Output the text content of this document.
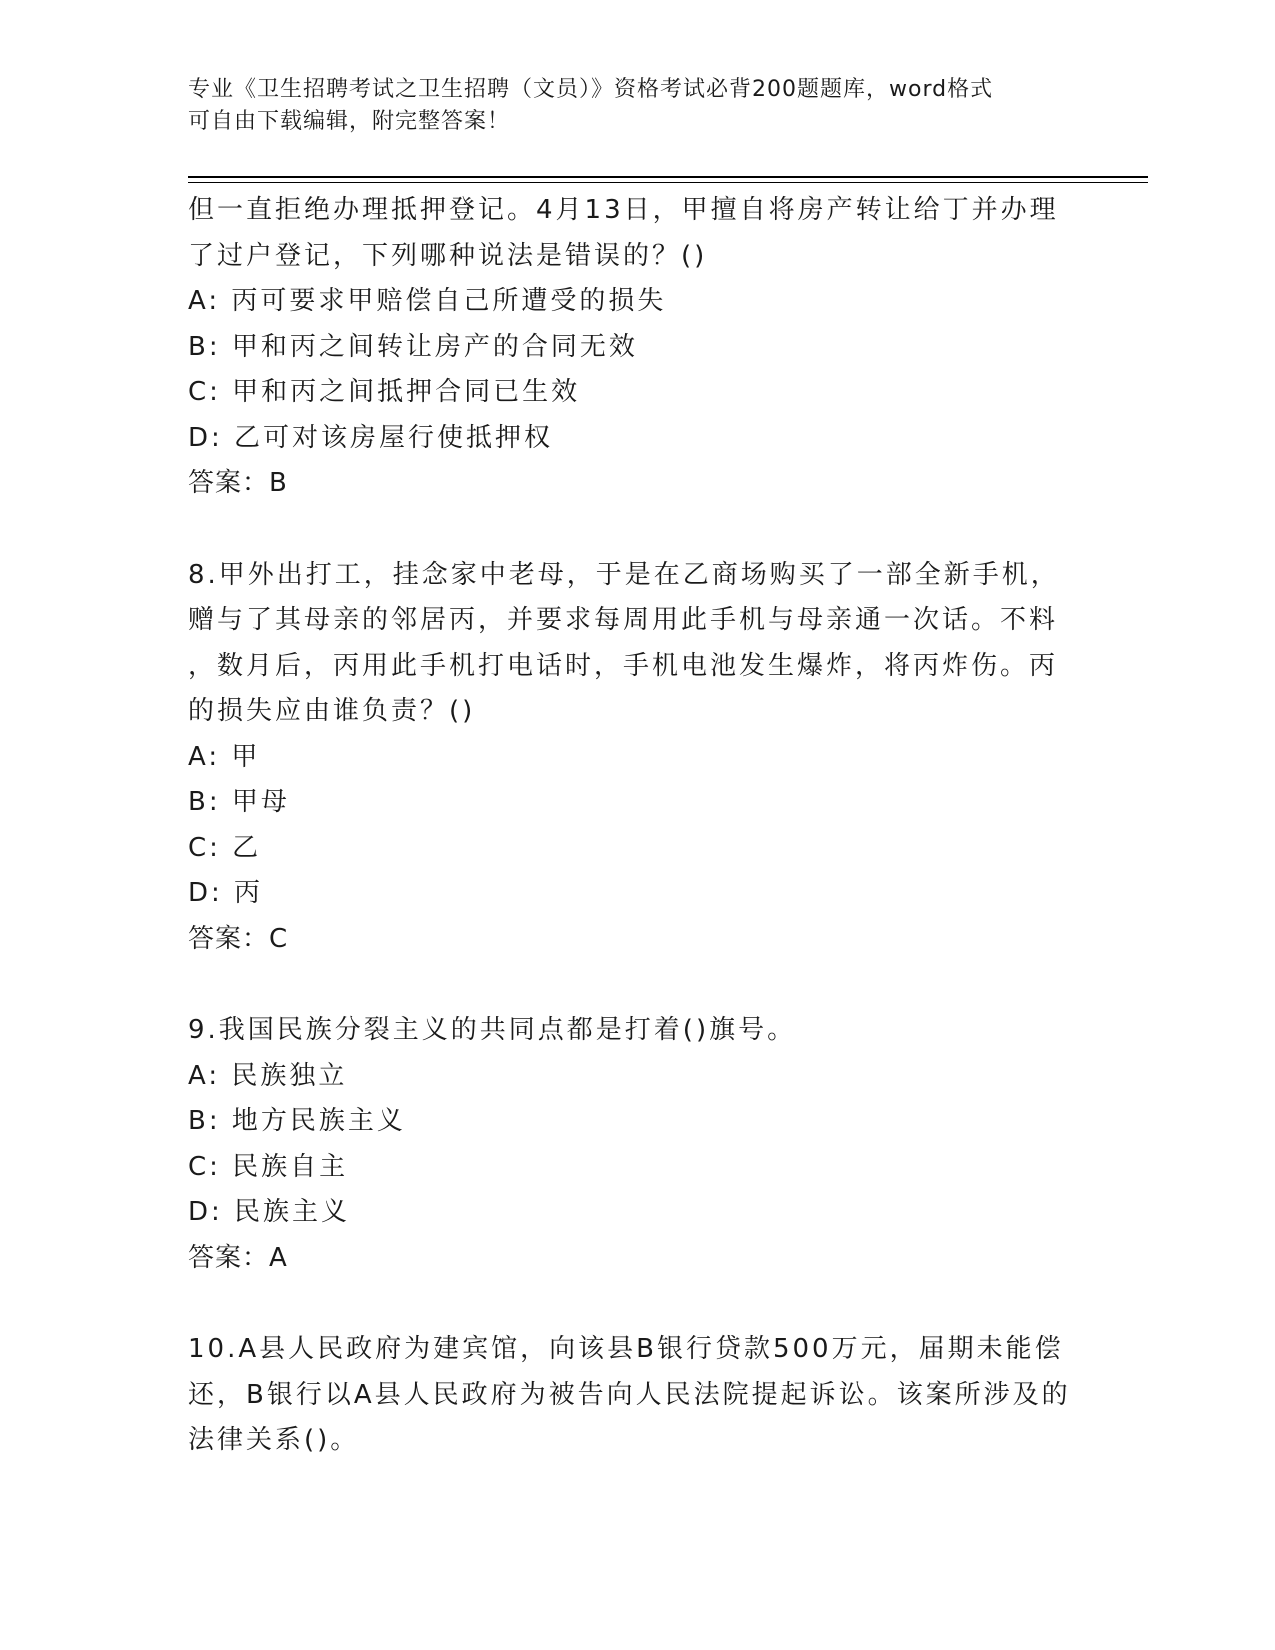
专业《卫生招聘考试之卫生招聘（文员）》资格考试必背200题题库，word格式
可自由下载编辑，附完整答案！
但一直拒绝办理抵押登记。4月13日，甲擅自将房产转让给丁并办理
了过户登记，下列哪种说法是错误的？()
A: 丙可要求甲赔偿自己所遭受的损失
B: 甲和丙之间转让房产的合同无效
C: 甲和丙之间抵押合同已生效
D: 乙可对该房屋行使抵押权
答案：B
8.甲外出打工，挂念家中老母，于是在乙商场购买了一部全新手机，
赠与了其母亲的邻居丙，并要求每周用此手机与母亲通一次话。不料
，数月后，丙用此手机打电话时，手机电池发生爆炸，将丙炸伤。丙
的损失应由谁负责？()
A: 甲
B: 甲母
C: 乙
D: 丙
答案：C
9.我国民族分裂主义的共同点都是打着()旗号。
A: 民族独立
B: 地方民族主义
C: 民族自主
D: 民族主义
答案：A
10.A县人民政府为建宾馆，向该县B银行贷款500万元，届期未能偿
还，B银行以A县人民政府为被告向人民法院提起诉讼。该案所涉及的
法律关系()。
